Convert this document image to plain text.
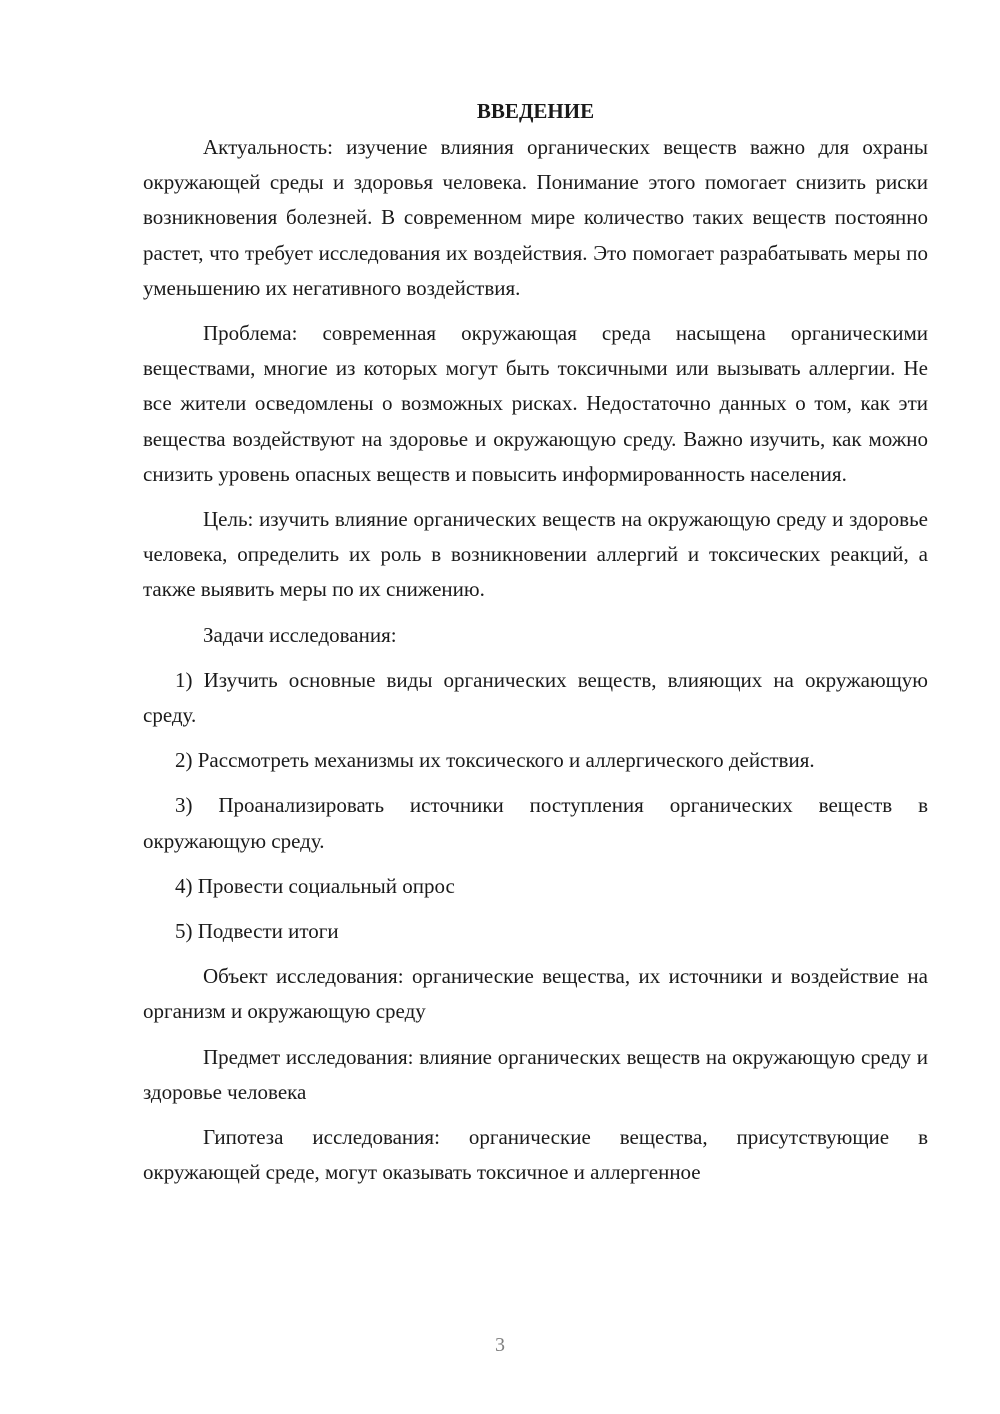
ВВЕДЕНИЕ

Актуальность: изучение влияния органических веществ важно для охраны окружающей среды и здоровья человека. Понимание этого помогает снизить риски возникновения болезней. В современном мире количество таких веществ постоянно растет, что требует исследования их воздействия. Это помогает разрабатывать меры по уменьшению их негативного воздействия.

Проблема: современная окружающая среда насыщена органическими веществами, многие из которых могут быть токсичными или вызывать аллергии. Не все жители осведомлены о возможных рисках. Недостаточно данных о том, как эти вещества воздействуют на здоровье и окружающую среду. Важно изучить, как можно снизить уровень опасных веществ и повысить информированность населения.

Цель: изучить влияние органических веществ на окружающую среду и здоровье человека, определить их роль в возникновении аллергий и токсических реакций, а также выявить меры по их снижению.

Задачи исследования:

1) Изучить основные виды органических веществ, влияющих на окружающую среду.

2) Рассмотреть механизмы их токсического и аллергического действия.

3) Проанализировать источники поступления органических веществ в окружающую среду.

4) Провести социальный опрос

5) Подвести итоги

Объект исследования: органические вещества, их источники и воздействие на организм и окружающую среду

Предмет исследования: влияние органических веществ на окружающую среду и здоровье человека

Гипотеза исследования: органические вещества, присутствующие в окружающей среде, могут оказывать токсичное и аллергенное

3
